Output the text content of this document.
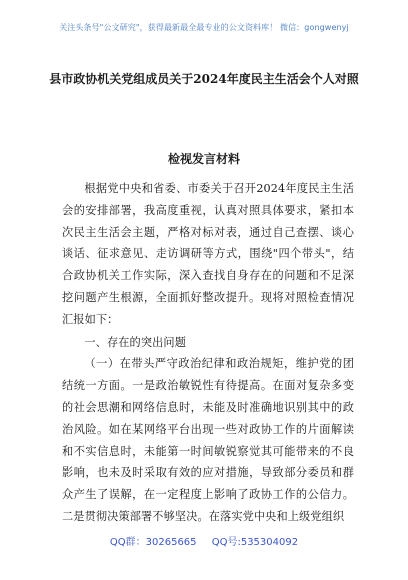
关注头条号"公文研究"，获得最新最全最专业的公文资料库！ 微信：gongwenyj
县市政协机关党组成员关于2024年度民主生活会个人对照
检视发言材料

根据党中央和省委、市委关于召开2024年度民主生活会的安排部署，我高度重视，认真对照具体要求，紧扣本次民主生活会主题，严格对标对表，通过自己查摆、谈心谈话、征求意见、走访调研等方式，围绕"四个带头"，结合政协机关工作实际，深入查找自身存在的问题和不足深挖问题产生根源，全面抓好整改提升。现将对照检查情况汇报如下：

一、存在的突出问题

（一）在带头严守政治纪律和政治规矩，维护党的团结统一方面。一是政治敏锐性有待提高。在面对复杂多变的社会思潮和网络信息时，未能及时准确地识别其中的政治风险。如在某网络平台出现一些对政协工作的片面解读和不实信息时，未能第一时间敏锐察觉其可能带来的不良影响，也未及时采取有效的应对措施，导致部分委员和群众产生了误解，在一定程度上影响了政协工作的公信力。二是贯彻决策部署不够坚决。在落实党中央和上级党组织

QQ群：30265665 QQ号:535304092
